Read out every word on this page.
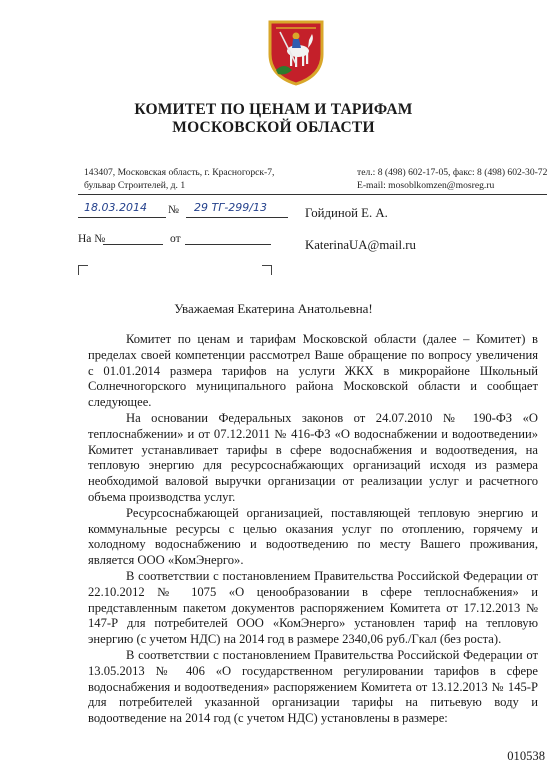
КОМИТЕТ ПО ЦЕНАМ И ТАРИФАМ
МОСКОВСКОЙ ОБЛАСТИ
143407, Московская область, г. Красногорск-7,
бульвар Строителей, д. 1
тел.: 8 (498) 602-17-05, факс: 8 (498) 602-30-72
E-mail: mosoblkomzen@mosreg.ru
18.03.2014 № 29 ТГ-299/13
На №	от
Гойдиной Е. А.
KaterinaUA@mail.ru
Уважаемая Екатерина Анатольевна!

Комитет по ценам и тарифам Московской области (далее – Комитет) в пределах своей компетенции рассмотрел Ваше обращение по вопросу увеличения с 01.01.2014 размера тарифов на услуги ЖКХ в микрорайоне Школьный Солнечногорского муниципального района Московской области и сообщает следующее.

На основании Федеральных законов от 24.07.2010 № 190-ФЗ «О теплоснабжении» и от 07.12.2011 № 416-ФЗ «О водоснабжении и водоотведении» Комитет устанавливает тарифы в сфере водоснабжения и водоотведения, на тепловую энергию для ресурсоснабжающих организаций исходя из размера необходимой валовой выручки организации от реализации услуг и расчетного объема производства услуг.

Ресурсоснабжающей организацией, поставляющей тепловую энергию и коммунальные ресурсы с целью оказания услуг по отоплению, горячему и холодному водоснабжению и водоотведению по месту Вашего проживания, является ООО «КомЭнерго».

В соответствии с постановлением Правительства Российской Федерации от 22.10.2012 № 1075 «О ценообразовании в сфере теплоснабжения» и представленным пакетом документов распоряжением Комитета от 17.12.2013 № 147-Р для потребителей ООО «КомЭнерго» установлен тариф на тепловую энергию (с учетом НДС) на 2014 год в размере 2340,06 руб./Гкал (без роста).

В соответствии с постановлением Правительства Российской Федерации от 13.05.2013 № 406 «О государственном регулировании тарифов в сфере водоснабжения и водоотведения» распоряжением Комитета от 13.12.2013 № 145-Р для потребителей указанной организации тарифы на питьевую воду и водоотведение на 2014 год (с учетом НДС) установлены в размере:

010538
